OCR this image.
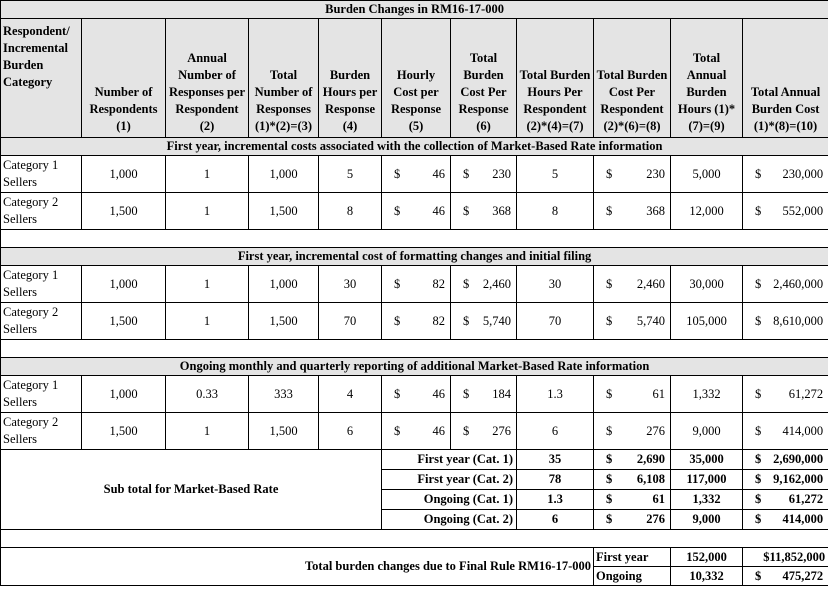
Burden Changes in RM16-17-000										
Respondent/ Incremental Burden Category	Number of Respondents (1)	Annual Number of Responses per Respondent (2)	Total Number of Responses (1)*(2)=(3)	Burden Hours per Response (4)	Hourly Cost per Response (5)	Total Burden Cost Per Response (6)	Total Burden Hours Per Respondent (2)*(4)=(7)	Total Burden Cost Per Respondent (2)*(6)=(8)	Total Annual Burden Hours (1)*(7)=(9)	Total Annual Burden Cost (1)*(8)=(10)
First year, incremental costs associated with the collection of Market-Based Rate information										
Category 1 Sellers	1,000	1	1,000	5	$ 46	$ 230	5	$ 230	5,000	$ 230,000

Category 2 Sellers	1,500	1	1,500	8	$ 46	$ 368	8	$ 368	12,000	$ 552,000

First year, incremental cost of formatting changes and initial filing										
Category 1 Sellers	1,000	1	1,000	30	$ 82	$ 2,460	30	$ 2,460	30,000	$ 2,460,000

Category 2 Sellers	1,500	1	1,500	70	$ 82	$ 5,740	70	$ 5,740	105,000	$ 8,610,000

Ongoing monthly and quarterly reporting of additional Market-Based Rate information										
Category 1 Sellers	1,000	0.33	333	4	$ 46	$ 184	1.3	$ 61	1,332	$ 61,272

Category 2 Sellers	1,500	1	1,500	6	$ 46	$ 276	6	$ 276	9,000	$ 414,000

Sub total for Market-Based Rate					First year (Cat. 1)		35	$ 2,690	35,000	$ 2,690,000

					First year (Cat. 2)		78	$ 6,108	117,000	$ 9,162,000

					Ongoing (Cat. 1)		1.3	$ 61	1,332	$ 61,272

					Ongoing (Cat. 2)		6	$ 276	9,000	$ 414,000

Total burden changes due to Final Rule RM16-17-000								First year	152,000	$11,852,000
								Ongoing	10,332	$ 475,272
